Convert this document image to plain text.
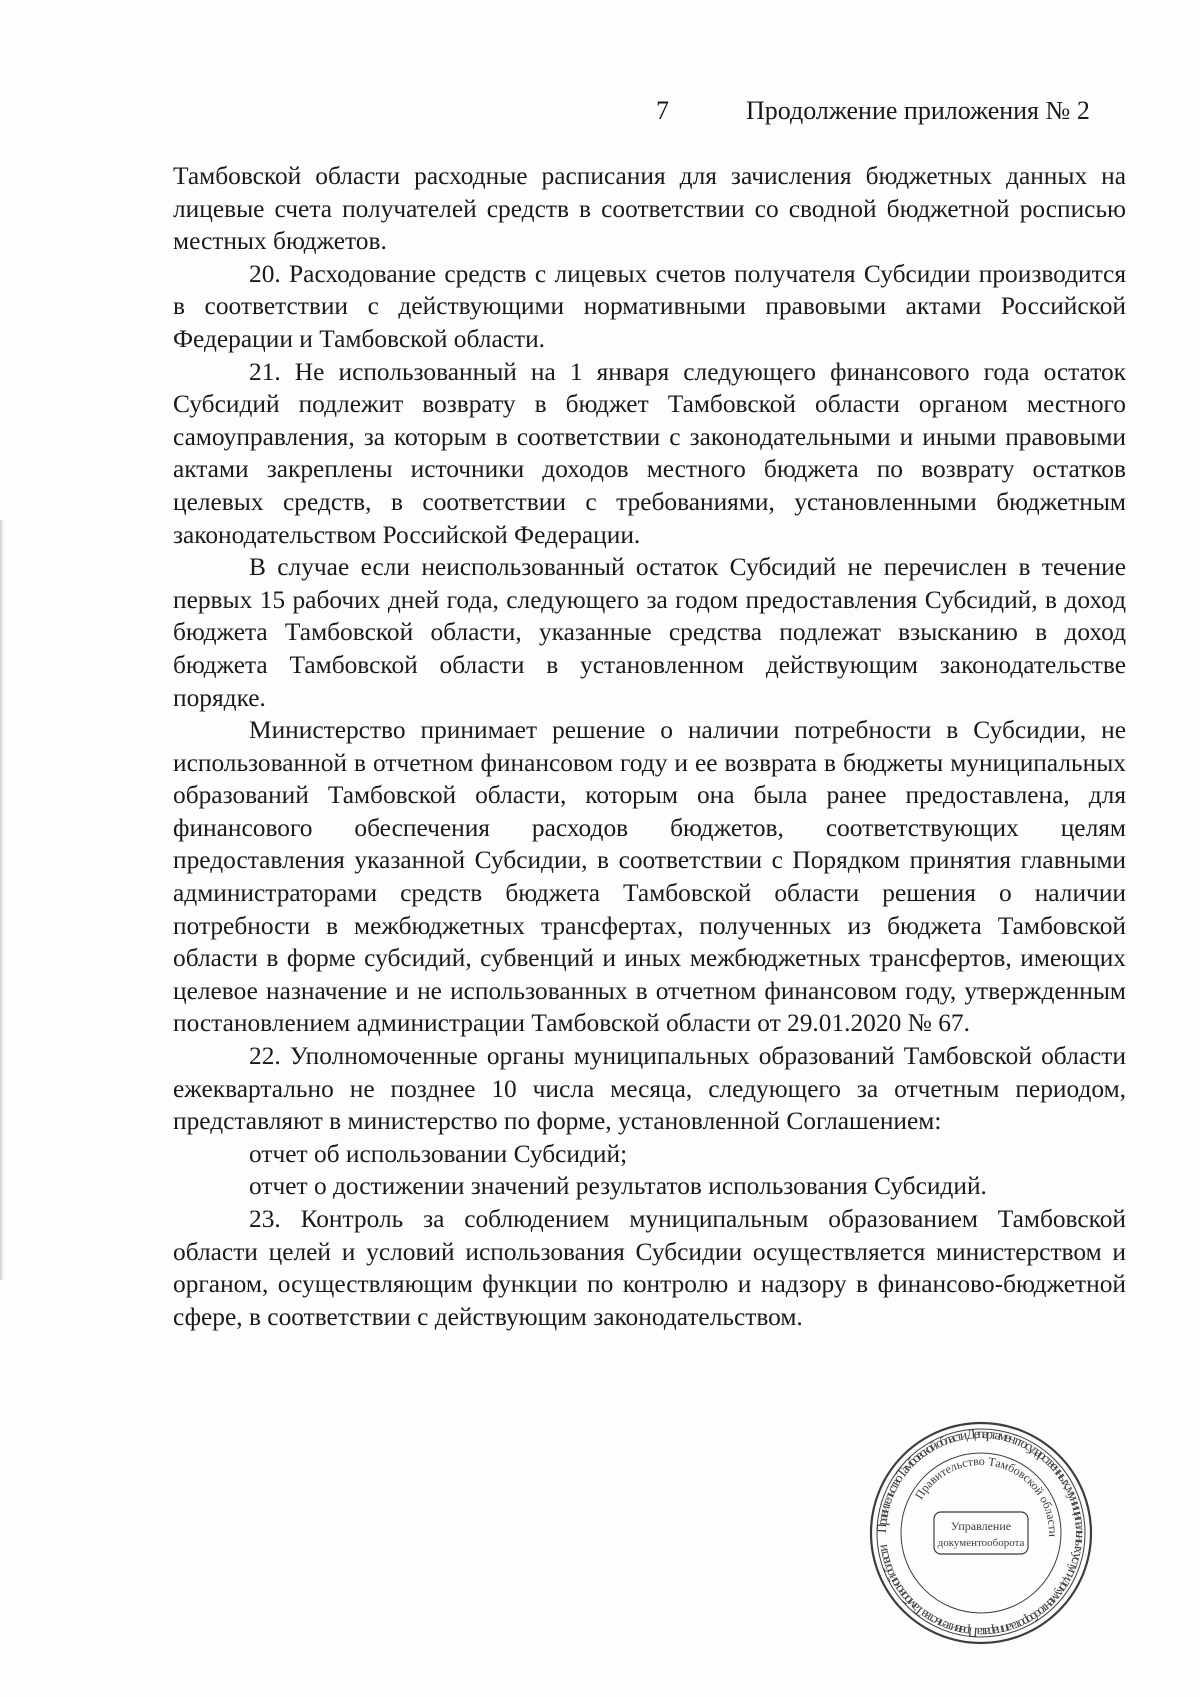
7	Продолжение приложения № 2

Тамбовской области расходные расписания для зачисления бюджетных данных на лицевые счета получателей средств в соответствии со сводной бюджетной росписью местных бюджетов.

20. Расходование средств с лицевых счетов получателя Субсидии производится в соответствии с действующими нормативными правовыми актами Российской Федерации и Тамбовской области.

21. Не использованный на 1 января следующего финансового года остаток Субсидий подлежит возврату в бюджет Тамбовской области органом местного самоуправления, за которым в соответствии с законодательными и иными правовыми актами закреплены источники доходов местного бюджета по возврату остатков целевых средств, в соответствии с требованиями, установленными бюджетным законодательством Российской Федерации.

В случае если неиспользованный остаток Субсидий не перечислен в течение первых 15 рабочих дней года, следующего за годом предоставления Субсидий, в доход бюджета Тамбовской области, указанные средства подлежат взысканию в доход бюджета Тамбовской области в установленном действующим законодательстве порядке.

Министерство принимает решение о наличии потребности в Субсидии, не использованной в отчетном финансовом году и ее возврата в бюджеты муниципальных образований Тамбовской области, которым она была ранее предоставлена, для финансового обеспечения расходов бюджетов, соответствующих целям предоставления указанной Субсидии, в соответствии с Порядком принятия главными администраторами средств бюджета Тамбовской области решения о наличии потребности в межбюджетных трансфертах, полученных из бюджета Тамбовской области в форме субсидий, субвенций и иных межбюджетных трансфертов, имеющих целевое назначение и не использованных в отчетном финансовом году, утвержденным постановлением администрации Тамбовской области от 29.01.2020 № 67.

22. Уполномоченные органы муниципальных образований Тамбовской области ежеквартально не позднее 10 числа месяца, следующего за отчетным периодом, представляют в министерство по форме, установленной Соглашением:

отчет об использовании Субсидий;

отчет о достижении значений результатов использования Субсидий.

23. Контроль за соблюдением муниципальным образованием Тамбовской области целей и условий использования Субсидии осуществляется министерством и органом, осуществляющим функции по контролю и надзору в финансово-бюджетной сфере, в соответствии с действующим законодательством.

Правительство Тамбовской области Департамент государственных, муниципальных услуг и документооборота аппарата Правительства Тамбовской области
Правительство Тамбовской области
Управление
документооборота
